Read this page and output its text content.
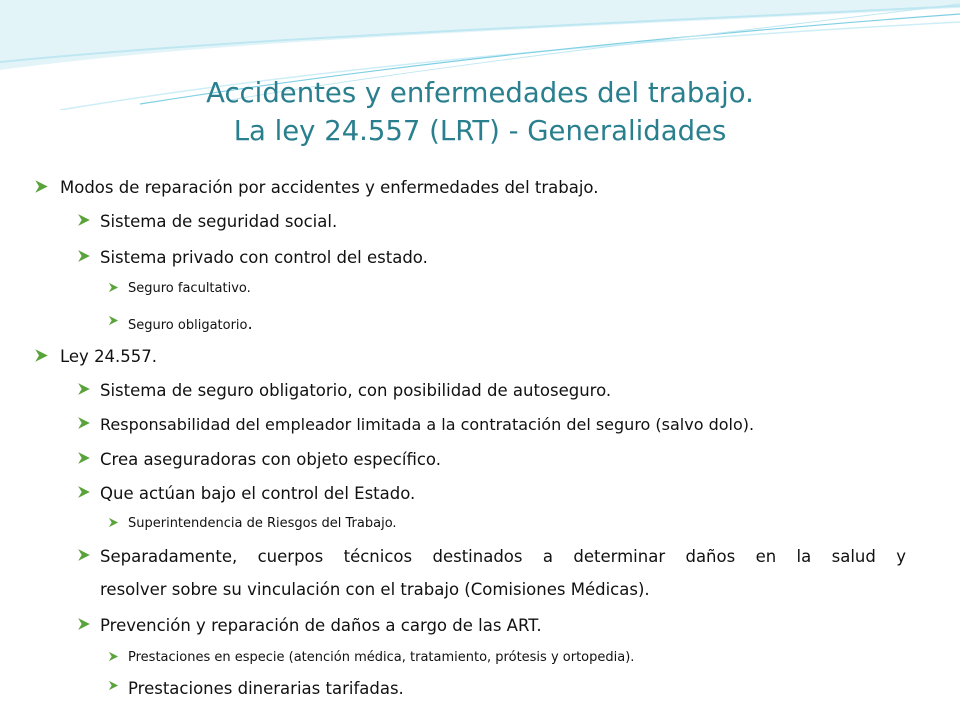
Accidentes y enfermedades del trabajo.
La ley 24.557 (LRT) - Generalidades
Modos de reparación por accidentes y enfermedades del trabajo.
Sistema de seguridad social.
Sistema privado con control del estado.
Seguro facultativo.
Seguro obligatorio.
Ley 24.557.
Sistema de seguro obligatorio, con posibilidad de autoseguro.
Responsabilidad del empleador limitada a la contratación del seguro (salvo dolo).
Crea aseguradoras con objeto específico.
Que actúan bajo el control del Estado.
Superintendencia de Riesgos del Trabajo.
Separadamente, cuerpos técnicos destinados a determinar daños en la salud y
resolver sobre su vinculación con el trabajo (Comisiones Médicas).
Prevención y reparación de daños a cargo de las ART.
Prestaciones en especie (atención médica, tratamiento, prótesis y ortopedia).
Prestaciones dinerarias tarifadas.
